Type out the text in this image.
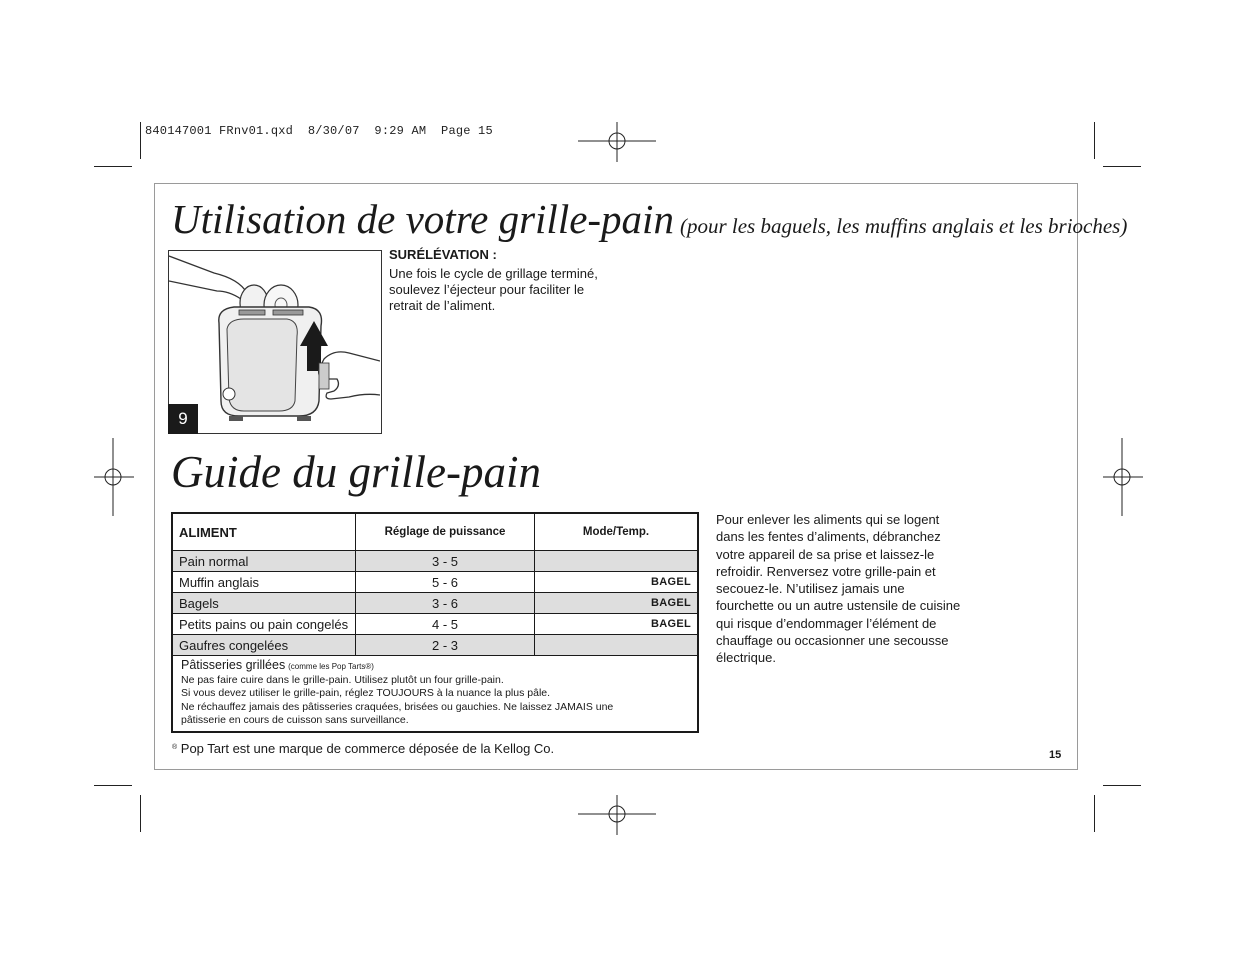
840147001 FRnv01.qxd  8/30/07  9:29 AM  Page 15
Utilisation de votre grille-pain (pour les baguels, les muffins anglais et les brioches)
9
SURÉLÉVATION :
Une fois le cycle de grillage terminé, soulevez l’éjecteur pour faciliter le retrait de l’aliment.
Guide du grille-pain
ALIMENT	Réglage de puissance	Mode/Temp.
Pain normal	3 - 5	
Muffin anglais	5 - 6	BAGEL
Bagels	3 - 6	BAGEL
Petits pains ou pain congelés	4 - 5	BAGEL
Gaufres congelées	2 - 3	
Pâtisseries grillées (comme les Pop Tarts®)
Ne pas faire cuire dans le grille-pain. Utilisez plutôt un four grille-pain.
Si vous devez utiliser le grille-pain, réglez TOUJOURS à la nuance la plus pâle.
Ne réchauffez jamais des pâtisseries craquées, brisées ou gauchies. Ne laissez JAMAIS une
pâtisserie en cours de cuisson sans surveillance.		
Pour enlever les aliments qui se logent dans les fentes d’aliments, débranchez votre appareil de sa prise et laissez-le refroidir. Renversez votre grille-pain et secouez-le. N’utilisez jamais une fourchette ou un autre ustensile de cuisine qui risque d’endommager l’élément de chauffage ou occasionner une secousse électrique.
® Pop Tart est une marque de commerce déposée de la Kellog Co.	15
